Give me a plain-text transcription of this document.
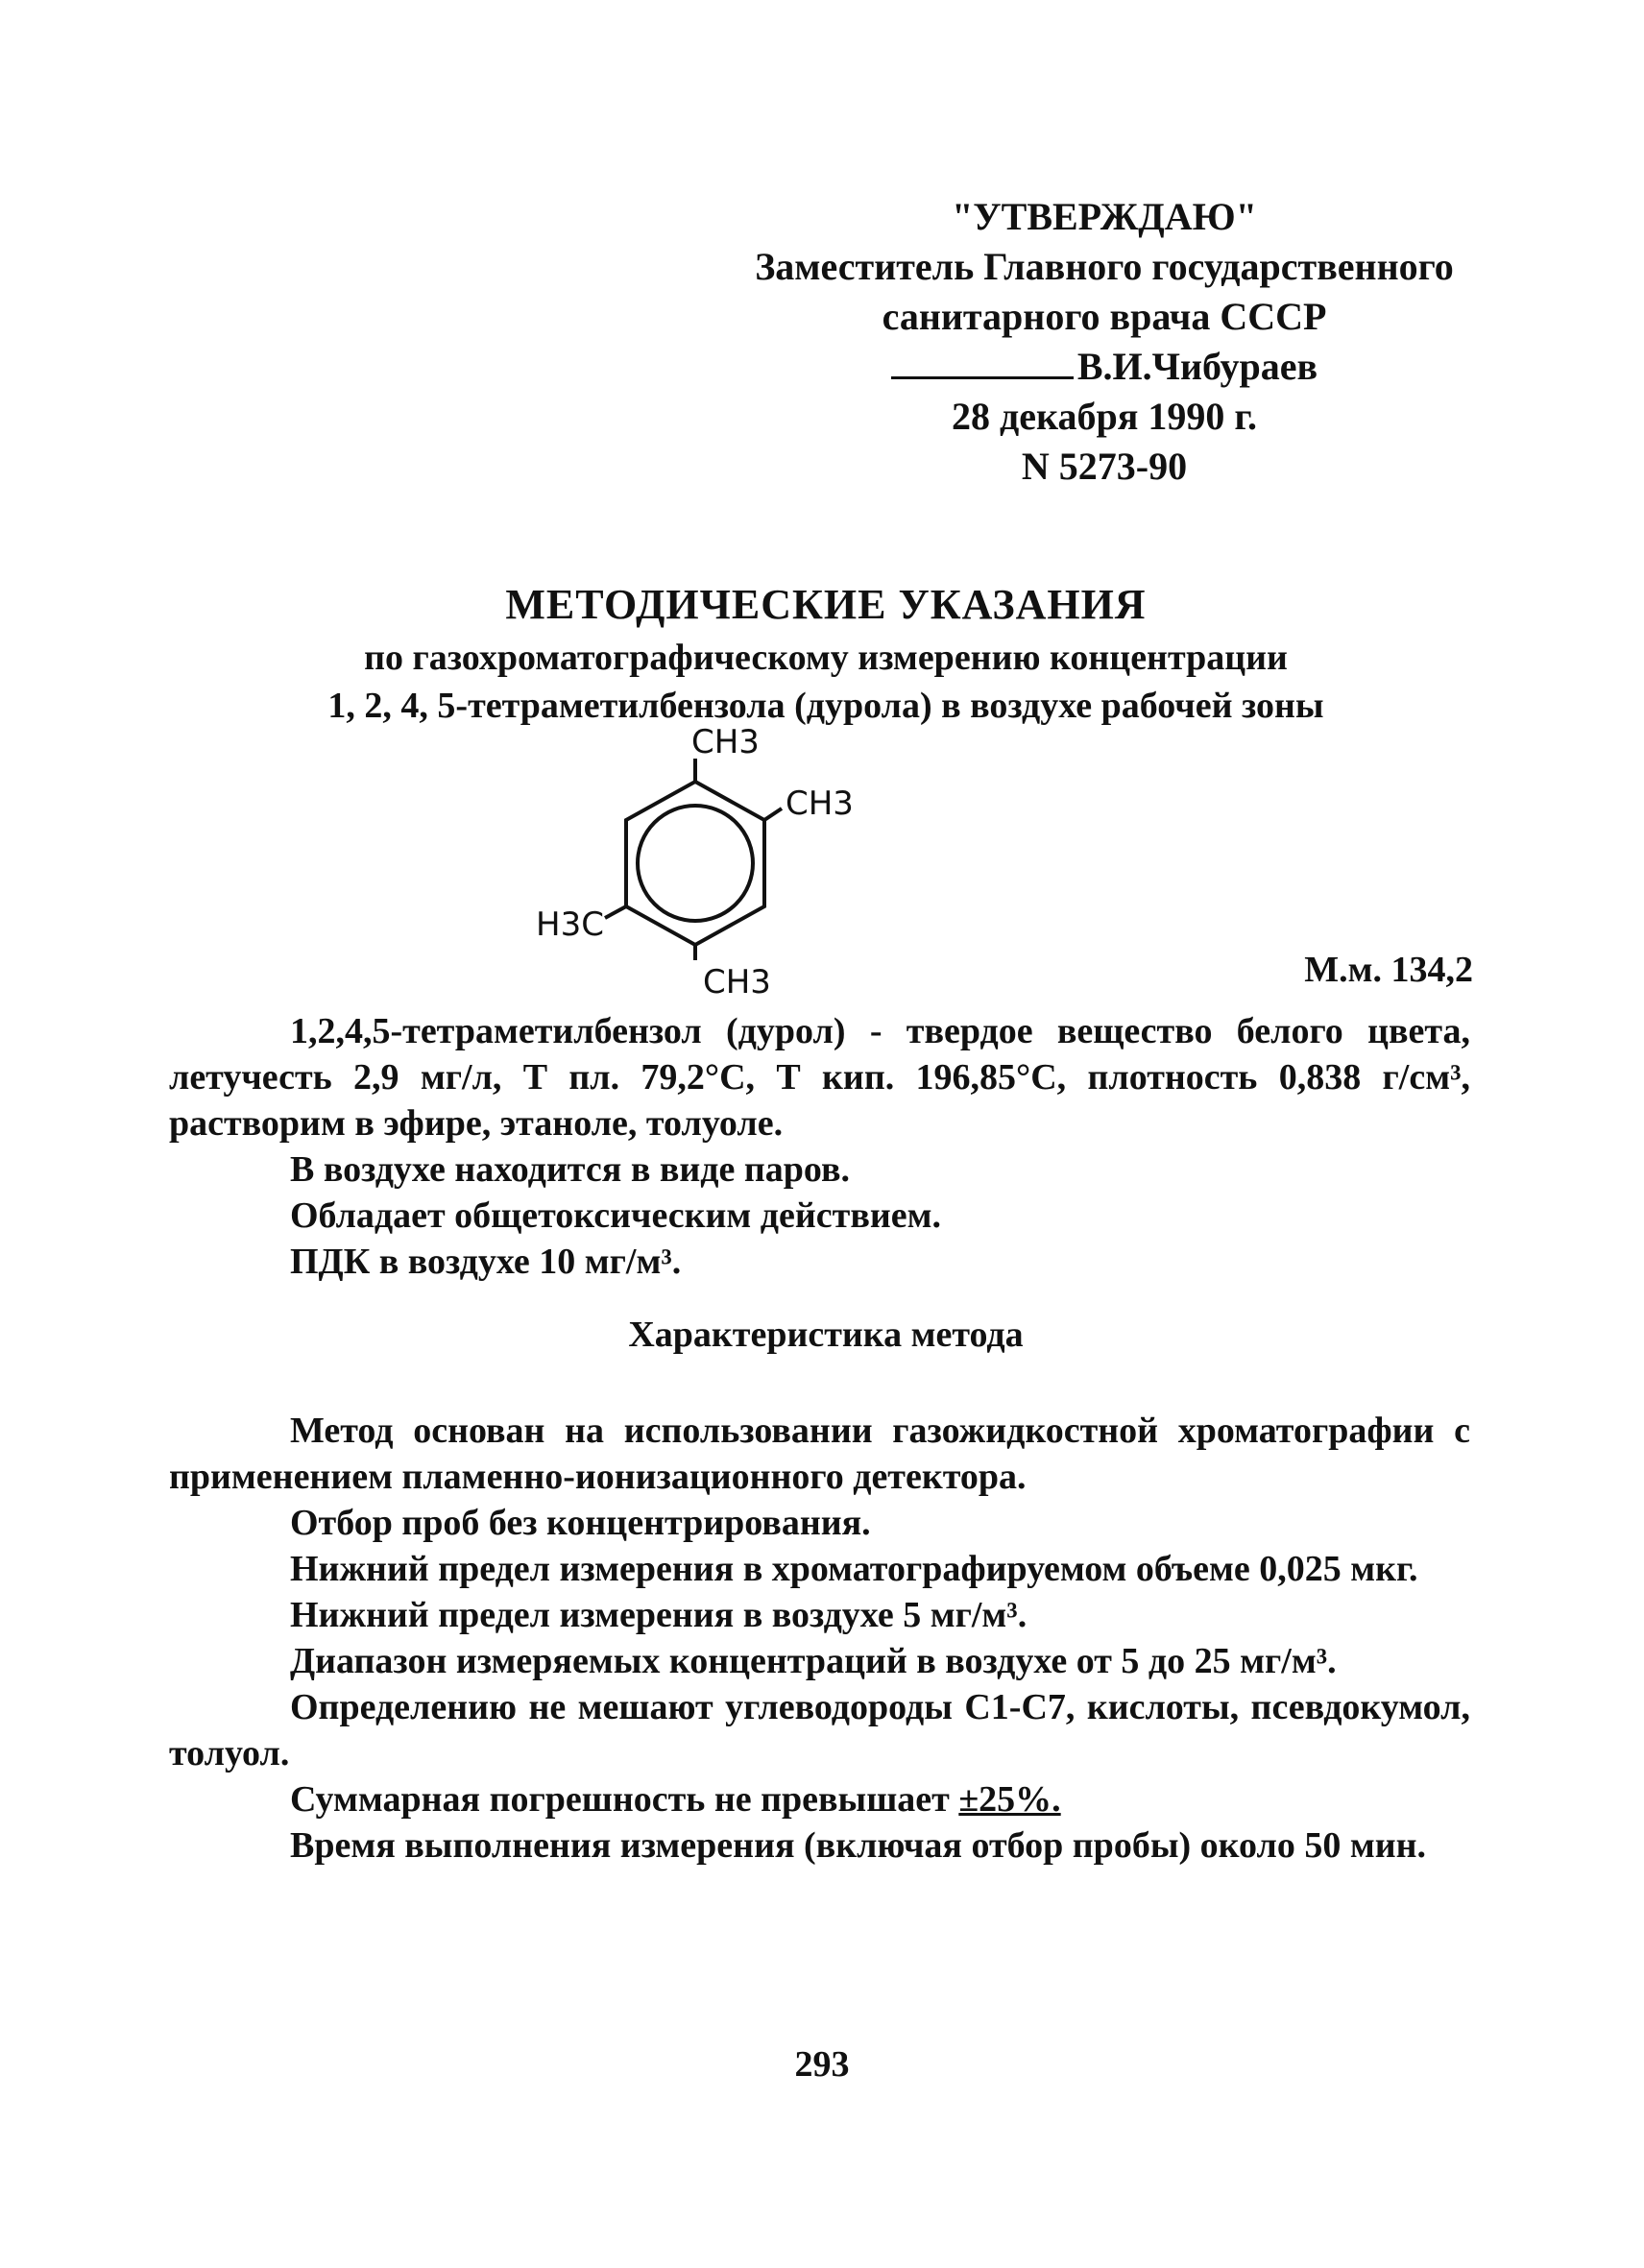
"УТВЕРЖДАЮ"
Заместитель Главного государственного
санитарного врача СССР
В.И.Чибураев
28 декабря 1990 г.
N 5273-90
МЕТОДИЧЕСКИЕ УКАЗАНИЯ
по газохроматографическому измерению концентрации
1, 2, 4, 5-тетраметилбензола (дурола) в воздухе рабочей зоны
CH3
CH3
H3C
CH3	М.м. 134,2

1,2,4,5-тетраметилбензол (дурол) - твердое вещество белого цвета, летучесть 2,9 мг/л, Т пл. 79,2°С, Т кип. 196,85°С, плотность 0,838 г/см³, растворим в эфире, этаноле, толуоле.

В воздухе находится в виде паров.

Обладает общетоксическим действием.

ПДК в воздухе 10 мг/м³.

Характеристика метода

Метод основан на использовании газожидкостной хроматографии с применением пламенно-ионизационного детектора.

Отбор проб без концентрирования.

Нижний предел измерения в хроматографируемом объеме 0,025 мкг.

Нижний предел измерения в воздухе 5 мг/м³.

Диапазон измеряемых концентраций в воздухе от 5 до 25 мг/м³.

Определению не мешают углеводороды С1-С7, кислоты, псевдокумол, толуол.

Суммарная погрешность не превышает ±25%.

Время выполнения измерения (включая отбор пробы) около 50 мин.

293
